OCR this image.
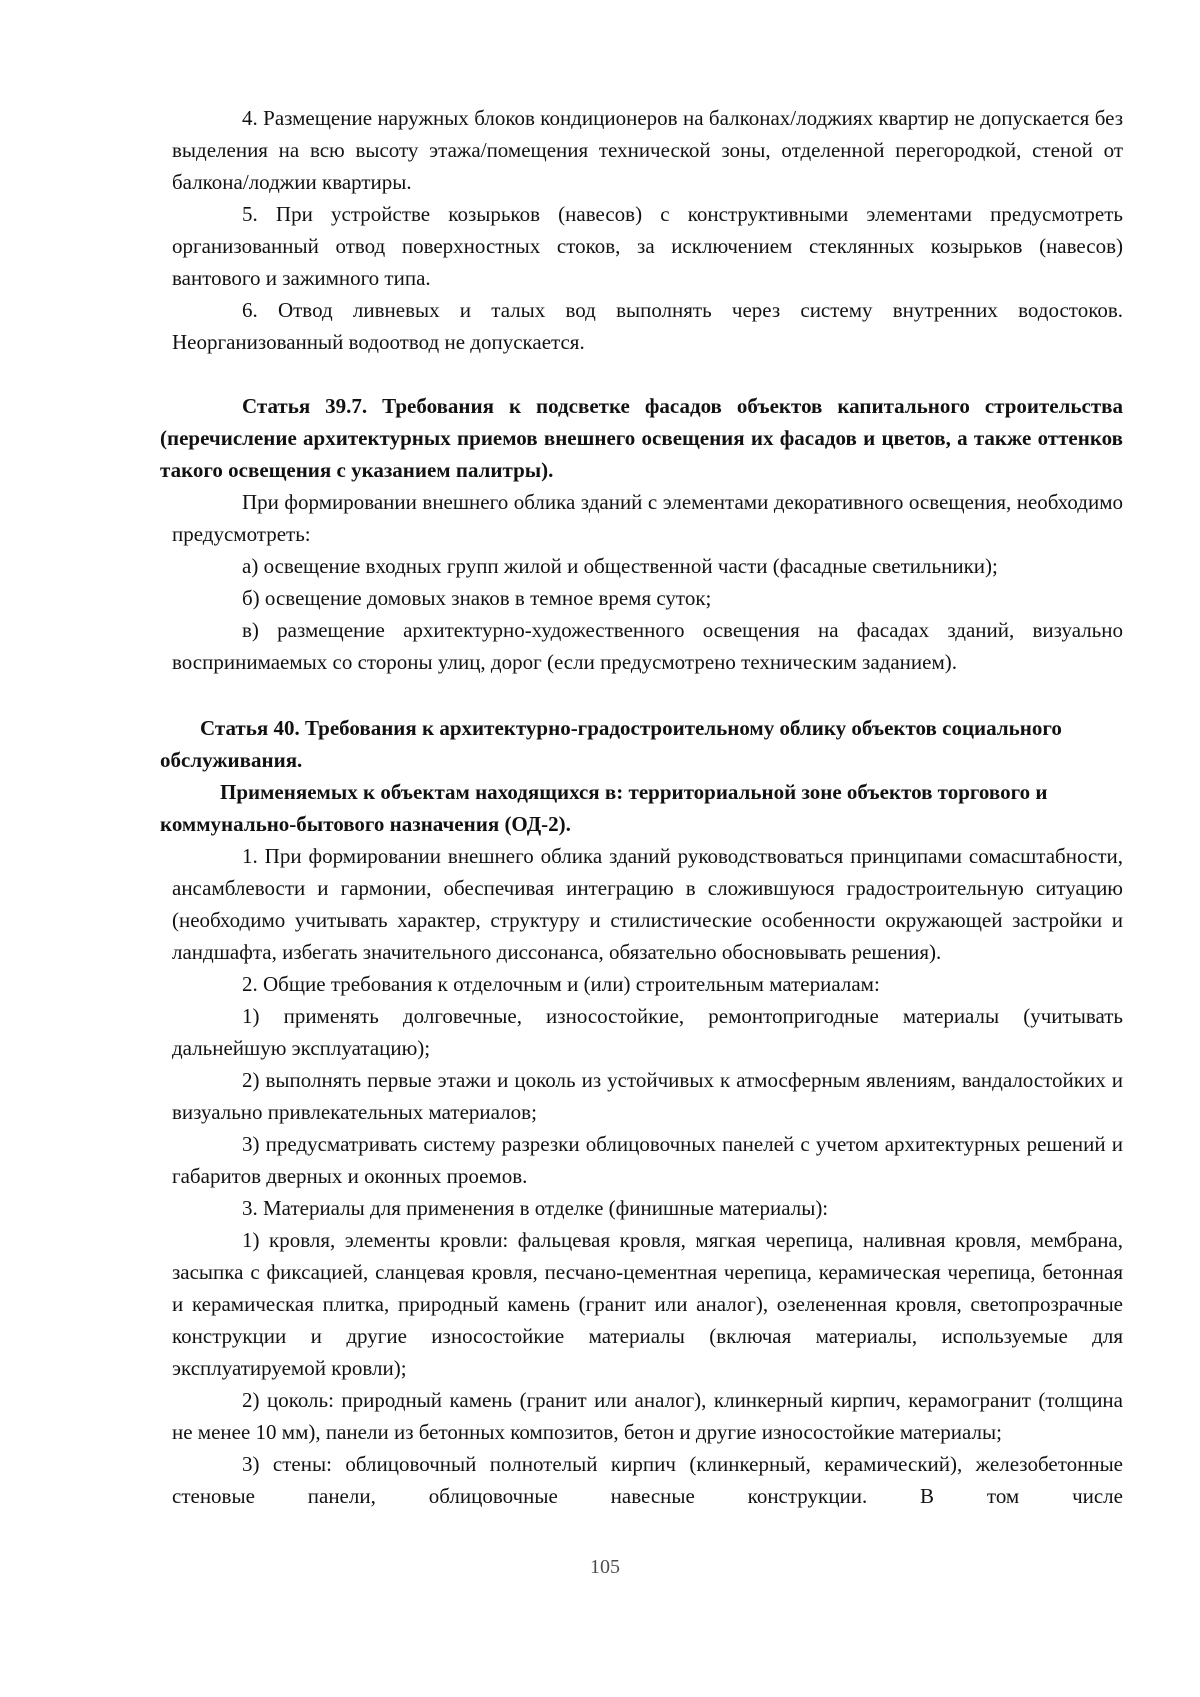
4. Размещение наружных блоков кондиционеров на балконах/лоджиях квартир не допускается без выделения на всю высоту этажа/помещения технической зоны, отделенной перегородкой, стеной от балкона/лоджии квартиры.

5. При устройстве козырьков (навесов) с конструктивными элементами предусмотреть организованный отвод поверхностных стоков, за исключением стеклянных козырьков (навесов) вантового и зажимного типа.

6. Отвод ливневых и талых вод выполнять через систему внутренних водостоков. Неорганизованный водоотвод не допускается.

Статья 39.7. Требования к подсветке фасадов объектов капитального строительства (перечисление архитектурных приемов внешнего освещения их фасадов и цветов, а также оттенков такого освещения с указанием палитры).

При формировании внешнего облика зданий с элементами декоративного освещения, необходимо предусмотреть:

а) освещение входных групп жилой и общественной части (фасадные светильники);

б) освещение домовых знаков в темное время суток;

в) размещение архитектурно-художественного освещения на фасадах зданий, визуально воспринимаемых со стороны улиц, дорог (если предусмотрено техническим заданием).

Статья 40. Требования к архитектурно-градостроительному облику объектов социального обслуживания.

Применяемых к объектам находящихся в: территориальной зоне объектов торгового и коммунально-бытового назначения (ОД-2).

1. При формировании внешнего облика зданий руководствоваться принципами сомасштабности, ансамблевости и гармонии, обеспечивая интеграцию в сложившуюся градостроительную ситуацию (необходимо учитывать характер, структуру и стилистические особенности окружающей застройки и ландшафта, избегать значительного диссонанса, обязательно обосновывать решения).

2. Общие требования к отделочным и (или) строительным материалам:

1) применять долговечные, износостойкие, ремонтопригодные материалы (учитывать дальнейшую эксплуатацию);

2) выполнять первые этажи и цоколь из устойчивых к атмосферным явлениям, вандалостойких и визуально привлекательных материалов;

3) предусматривать систему разрезки облицовочных панелей с учетом архитектурных решений и габаритов дверных и оконных проемов.

3. Материалы для применения в отделке (финишные материалы):

1) кровля, элементы кровли: фальцевая кровля, мягкая черепица, наливная кровля, мембрана, засыпка с фиксацией, сланцевая кровля, песчано-цементная черепица, керамическая черепица, бетонная и керамическая плитка, природный камень (гранит или аналог), озелененная кровля, светопрозрачные конструкции и другие износостойкие материалы (включая материалы, используемые для эксплуатируемой кровли);

2) цоколь: природный камень (гранит или аналог), клинкерный кирпич, керамогранит (толщина не менее 10 мм), панели из бетонных композитов, бетон и другие износостойкие материалы;

3) стены: облицовочный полнотелый кирпич (клинкерный, керамический), железобетонные стеновые панели, облицовочные навесные конструкции. В том числе

105
